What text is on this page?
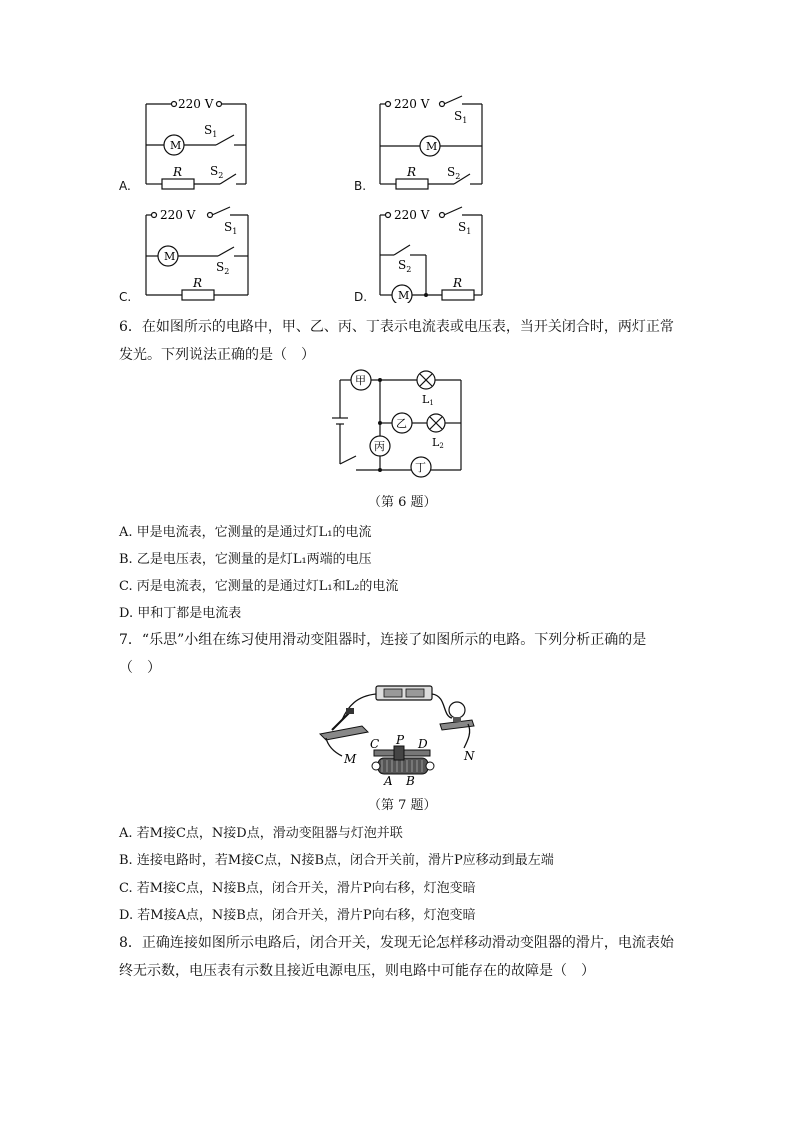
A.
220 V
M
$S_1$
$S_2$
R
B.
220 V
M
$S_1$
$S_2$
R
C.
220 V
M
$S_1$
$S_2$
R
D.
220 V
M
$S_1$
$S_2$
R
6．在如图所示的电路中，甲、乙、丙、丁表示电流表或电压表，当开关闭合时，两灯正常
发光。下列说法正确的是（　）
甲
乙
丙
丁
L1
L2
（第 6 题）
A. 甲是电流表，它测量的是通过灯L₁的电流
B. 乙是电压表，它测量的是灯L₁两端的电压
C. 丙是电流表，它测量的是通过灯L₁和L₂的电流
D. 甲和丁都是电流表
7．“乐思”小组在练习使用滑动变阻器时，连接了如图所示的电路。下列分析正确的是
（　）
C P D
A B
M	N
（第 7 题）
A. 若M接C点，N接D点，滑动变阻器与灯泡并联
B. 连接电路时，若M接C点，N接B点，闭合开关前，滑片P应移动到最左端
C. 若M接C点，N接B点，闭合开关，滑片P向右移，灯泡变暗
D. 若M接A点，N接B点，闭合开关，滑片P向右移，灯泡变暗
8．正确连接如图所示电路后，闭合开关，发现无论怎样移动滑动变阻器的滑片，电流表始
终无示数，电压表有示数且接近电源电压，则电路中可能存在的故障是（　）
